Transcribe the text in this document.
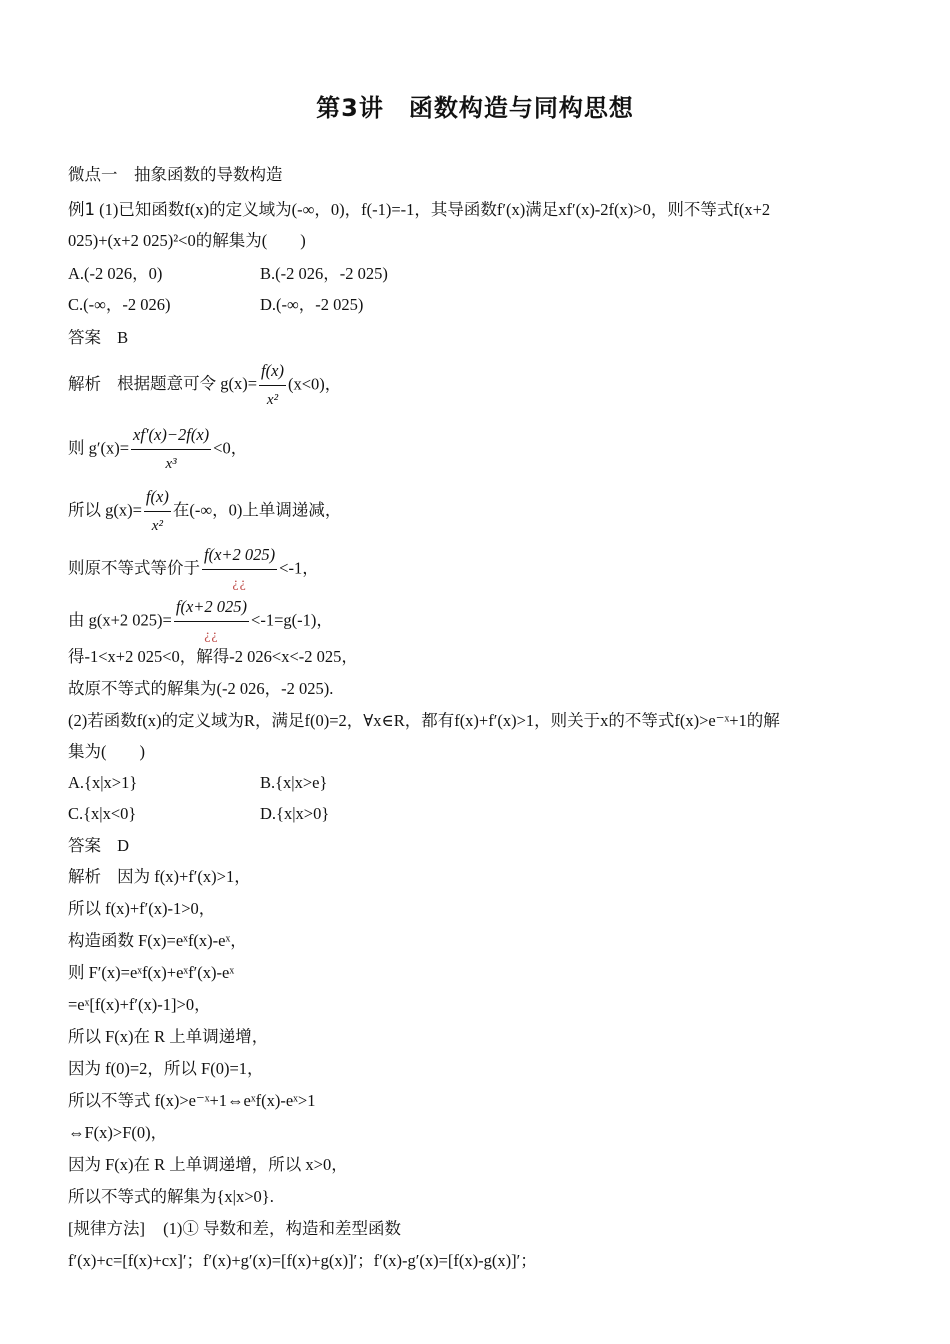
第3讲　函数构造与同构思想
微点一　抽象函数的导数构造
例1 (1)已知函数f(x)的定义域为(-∞，0)，f(-1)=-1，其导函数f′(x)满足xf′(x)-2f(x)>0，则不等式f(x+2
025)+(x+2 025)²<0的解集为(　　)
A.(-2 026，0)	B.(-2 026，-2 025)
C.(-∞，-2 026)	D.(-∞，-2 025)
答案 B
解析 根据题意可令 $g(x)= \frac{f(x)}{\text{x²}} (x<0)$，
则 $g'(x)= \frac{xf'(x)-2f(x)}{\text{x³}} <0$，
所以 $g(x)= \frac{f(x)}{\text{x²}}$ 在(-∞，0)上单调递减，
则原不等式等价于 $\frac{f(x+2 025)}{¿¿} <-1$，
由 g(x+2 $025)= \frac{f(x+2 025)}{¿¿} <-1=g(-1)$，
得-1<x+2 025<0，解得-2 026<x<-2 025，
故原不等式的解集为(-2 026，-2 025).
(2)若函数f(x)的定义域为R，满足f(0)=2，∀x∈R，都有f(x)+f′(x)>1，则关于x的不等式f(x)>e⁻ˣ+1的解
集为(　　)
A.{x|x>1}	B.{x|x>e}
C.{x|x<0}	D.{x|x>0}
答案 D
解析 因为 f(x)+f′(x)>1，
所以 f(x)+f′(x)-1>0，
构造函数 F(x)=eˣf(x)-eˣ，
则 F′(x)=eˣf(x)+eˣf′(x)-eˣ
=eˣ[f(x)+f′(x)-1]>0，
所以 F(x)在 R 上单调递增，
因为 f(0)=2，所以 F(0)=1，
所以不等式 f(x)>e⁻ˣ+1⇔eˣf(x)-eˣ>1
⇔F(x)>F(0)，
因为 F(x)在 R 上单调递增，所以 x>0，
所以不等式的解集为{x|x>0}.
[规律方法] (1)① 导数和差，构造和差型函数
f′(x)+c=[f(x)+cx]′；f′(x)+g′(x)=[f(x)+g(x)]′；f′(x)-g′(x)=[f(x)-g(x)]′；
